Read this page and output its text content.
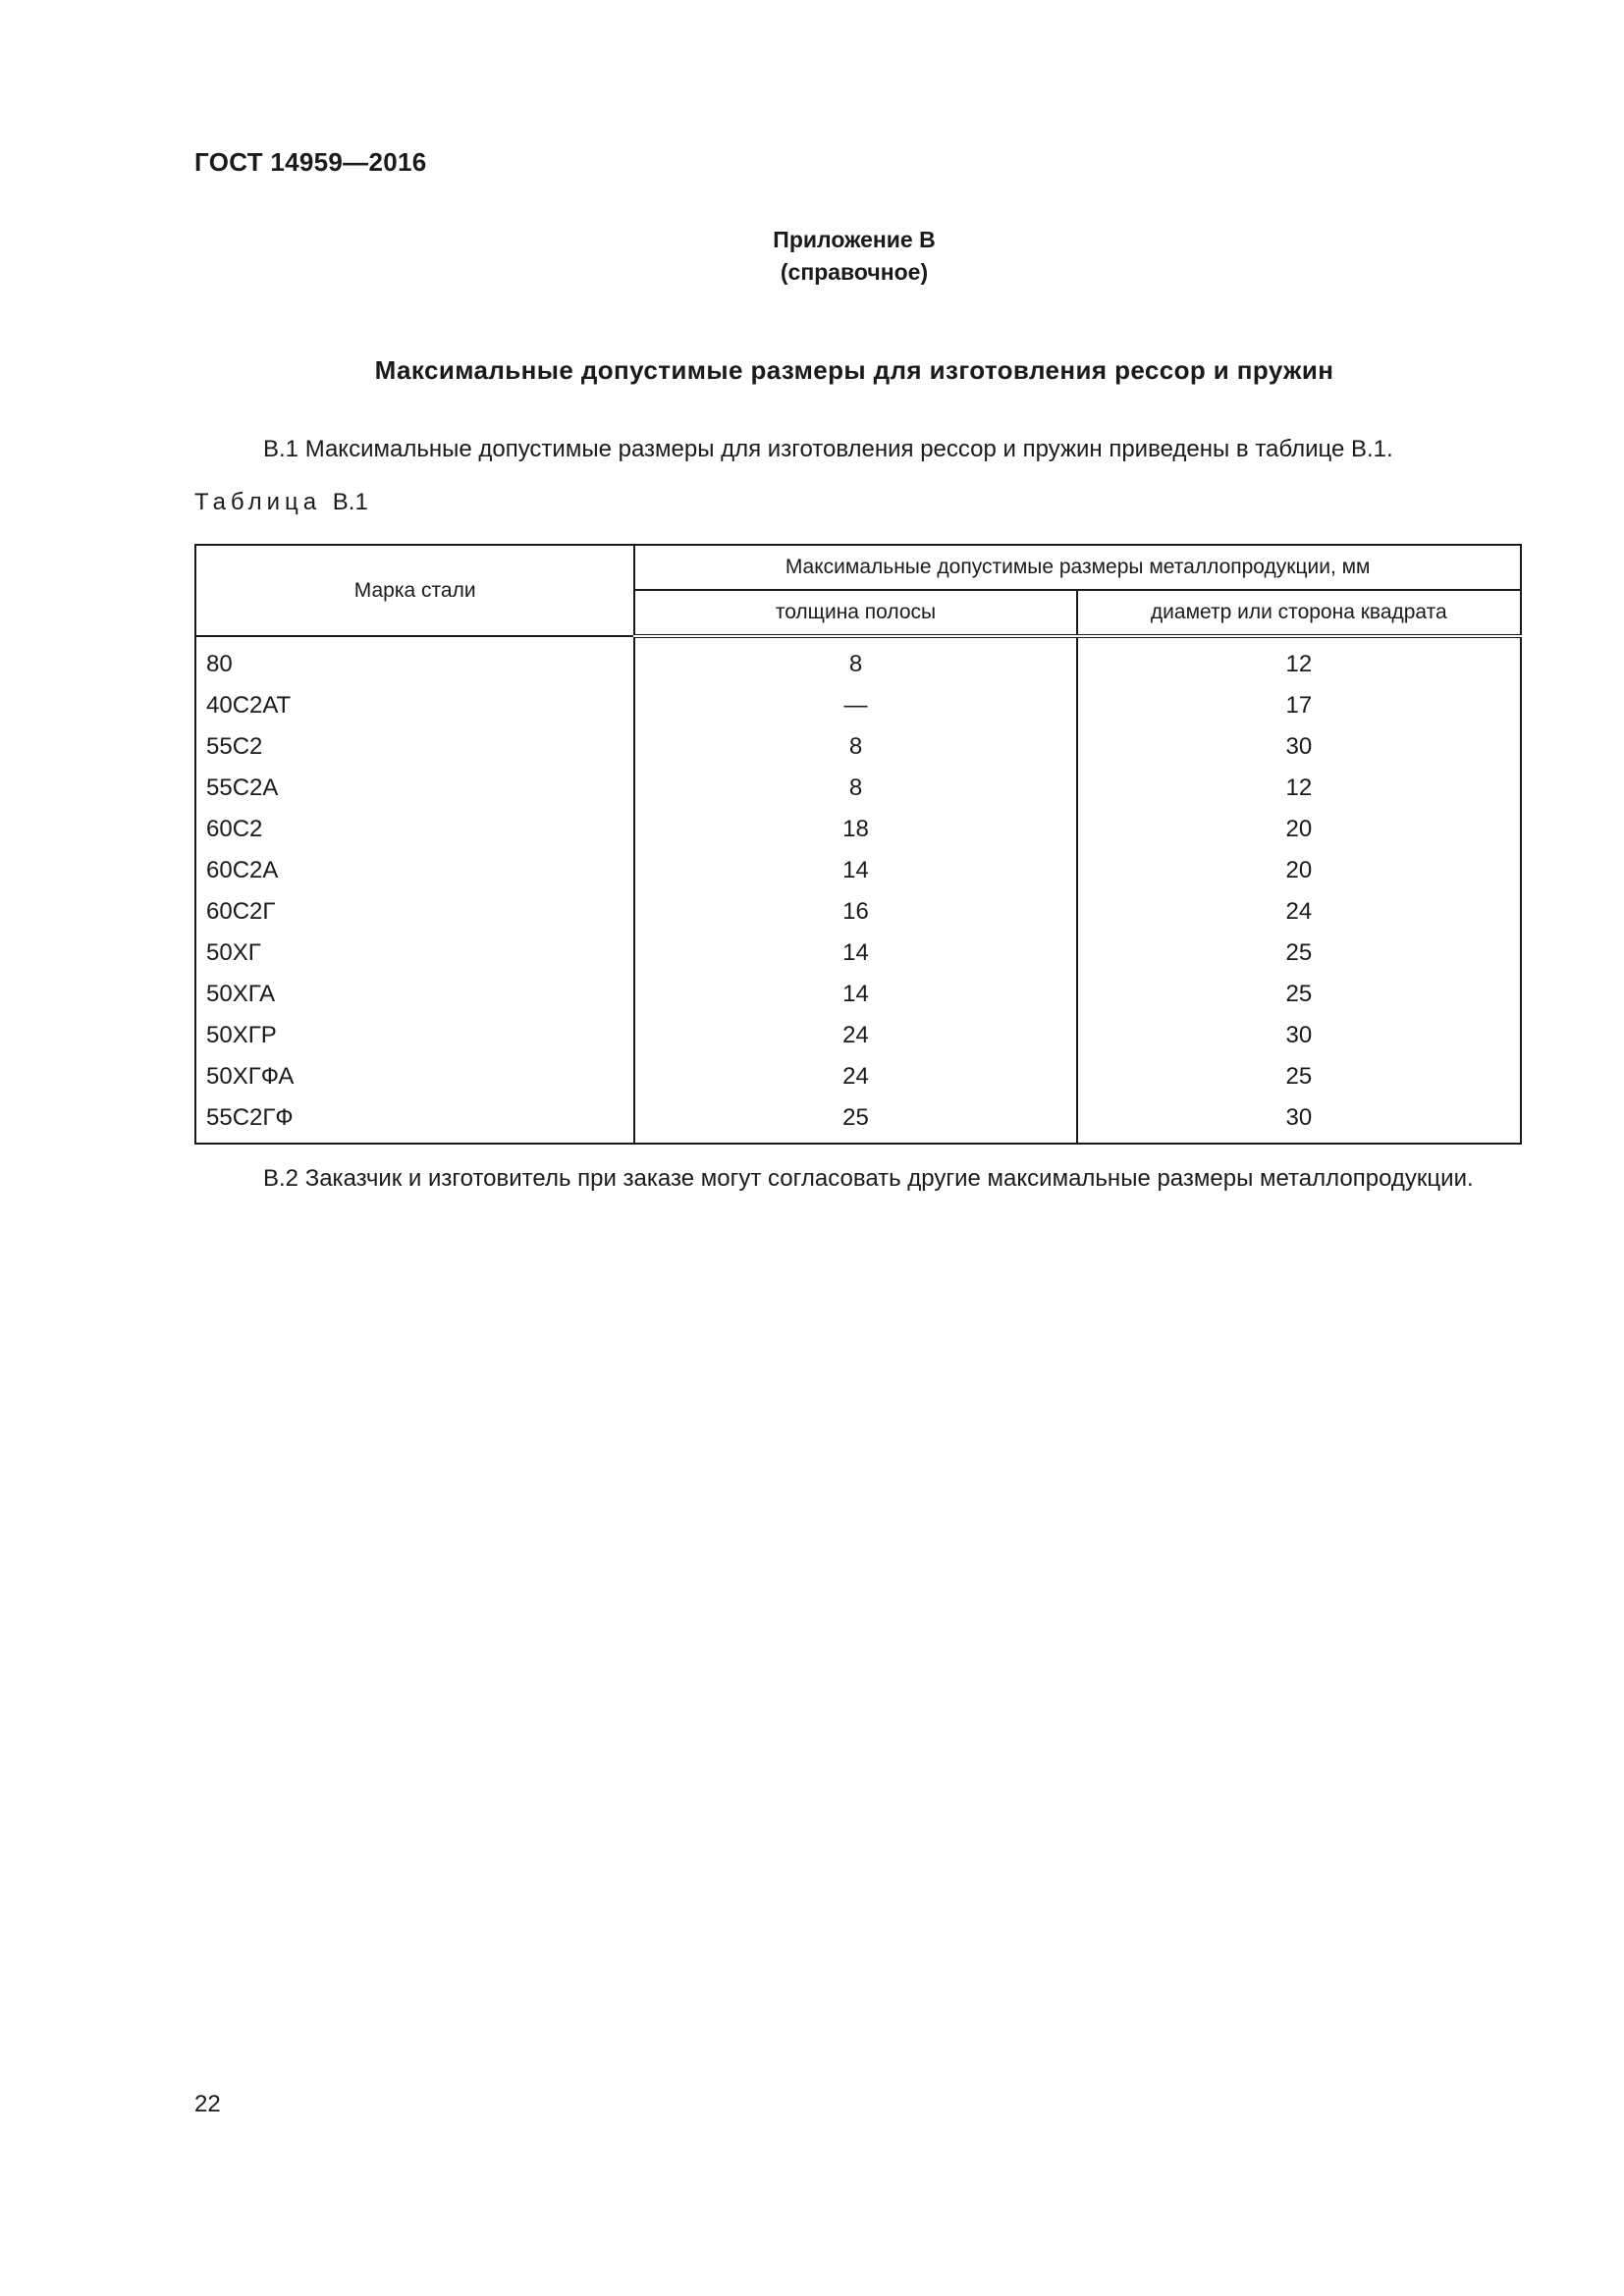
ГОСТ 14959—2016
Приложение В
(справочное)
Максимальные допустимые размеры для изготовления рессор и пружин
В.1 Максимальные допустимые размеры для изготовления рессор и пружин приведены в таблице В.1.
Таблица В.1
Марка стали	Максимальные допустимые размеры металлопродукции, мм	
	толщина полосы	диаметр или сторона квадрата
80	8	12
40С2АТ	—	17
55С2	8	30
55С2А	8	12
60С2	18	20
60С2А	14	20
60С2Г	16	24
50ХГ	14	25
50ХГА	14	25
50ХГР	24	30
50ХГФА	24	25
55С2ГФ	25	30
В.2 Заказчик и изготовитель при заказе могут согласовать другие максимальные размеры металлопродукции.
22
